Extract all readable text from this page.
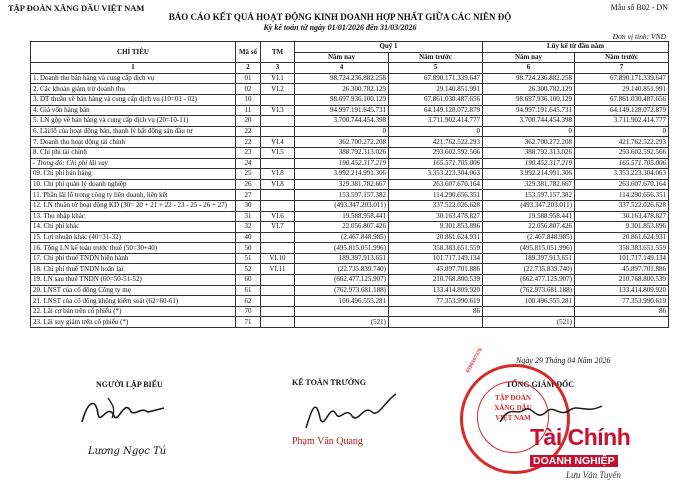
TẬP ĐOÀN XĂNG DẦU VIỆT NAM	Mẫu số B02 - DN
BÁO CÁO KẾT QUẢ HOẠT ĐỘNG KINH DOANH HỢP NHẤT GIỮA CÁC NIÊN ĐỘ
Kỳ kế toán từ ngày 01/01/2026 đến 31/03/2026
Đơn vị tính: VND
CHỈ TIÊU	Mã số	TM	Quý 1		Lũy kế từ đầu năm	
			Năm nay	Năm trước	Năm nay	Năm trước
1	2	3	4	5	6	7
1. Doanh thu bán hàng và cung cấp dịch vụ	01	VI.1	98.724.236.882.258	67.890.171.339.647	98.724.236.882.258	67.890.171.339.647
2. Các khoản giảm trừ doanh thu	02	VI.2	26.300.782.129	29.140.851.991	26.300.782.129	29.140.851.991
3. DT thuần về bán hàng và cung cấp dịch vụ (10=01 - 02)	10		98.697.936.100.129	67.861.030.487.656	98.697.936.100.129	67.861.030.487.656
4. Giá vốn hàng bán	11	VI.3	94.997.191.645.731	64.149.128.072.879	94.997.191.645.731	64.149.128.072.879
5. LN gộp về bán hàng và cung cấp dịch vụ (20=10-11)	20		3.700.744.454.398	3.711.902.414.777	3.700.744.454.398	3.711.902.414.777
6. Lãi/lỗ của hoạt động bán, thanh lý bất động sản đầu tư	22		0	0	0	0
7. Doanh thu hoạt động tài chính	22	VI.4	362.700.272.208	421.762.522.293	362.700.272.208	421.762.522.293
8. Chi phí tài chính	23	VI.5	388.792.313.026	293.602.592.566	388.792.313.026	293.602.592.566
- Trong đó: Chi phí lãi vay	24		190.452.317.219	165.571.705.006	190.452.317.219	165.571.705.006
09. Chi phí bán hàng	25	VI.8	3.992.214.991.306	3.353.223.304.063	3.992.214.991.306	3.353.223.304.063
10. Chi phí quản lý doanh nghiệp	26	VI.8	329.381.782.667	263.607.670.164	329.381.782.667	263.607.670.164
11. Phần lãi lỗ trong công ty liên doanh, liên kết	27		153.597.157.382	114.290.656.351	153.597.157.382	114.290.656.351
12. LN thuần từ hoạt động KD (30= 20 + 21 + 22 - 23 - 25 - 26 + 27)	30		(493.347.203.011)	337.522.026.628	(493.347.203.011)	337.522.026.628
13. Thu nhập khác	31	VI.6	19.588.958.441	30.163.478.827	19.588.958.441	30.163.478.827
14. Chi phí khác	32	VI.7	22.056.807.426	9.301.853.896	22.056.807.426	9.301.853.896
15. Lợi nhuận khác (40=31-32)	40		(2.467.848.985)	20.861.624.931	(2.467.848.985)	20.861.624.931
16. Tổng LN kế toán trước thuế (50=30+40)	50		(495.815.051.996)	358.383.651.559	(495.815.051.996)	358.383.651.559
17. Chi phí thuế TNDN hiện hành	51	VI.10	189.397.913.651	101.717.149.134	189.397.913.651	101.717.149.134
18. Chi phí thuế TNDN hoãn lại	52	VI.11	(22.735.839.740)	45.897.701.886	(22.735.839.740)	45.897.701.886
19. LN sau thuế TNDN (60=50-51-52)	60		(662.477.125.907)	210.768.800.539	(662.477.125.907)	210.768.800.539
20. LNST của cổ đông Công ty mẹ	61		(762.973.681.188)	133.414.809.920	(762.973.681.188)	133.414.809.920
21. LNST của cổ đông không kiểm soát (62=60-61)	62		100.496.555.281	77.353.990.619	100.496.555.281	77.353.990.619
22. Lãi cơ bản trên cổ phiếu (*)	70			86		86
23. Lãi suy giảm trên cổ phiếu (*)	71		(521)		(521)	
NGƯỜI LẬP BIỂU
Lương Ngọc Tú
KẾ TOÁN TRƯỞNG
Phạm Văn Quang
Ngày 29 Tháng 04 Năm 2026
TỔNG GIÁM ĐỐC
TẬP ĐOÀN
XĂNG DẦU
VIỆT NAM
0100107370
Tài Chính
DOANH NGHIỆP
Lưu Văn Tuyến
